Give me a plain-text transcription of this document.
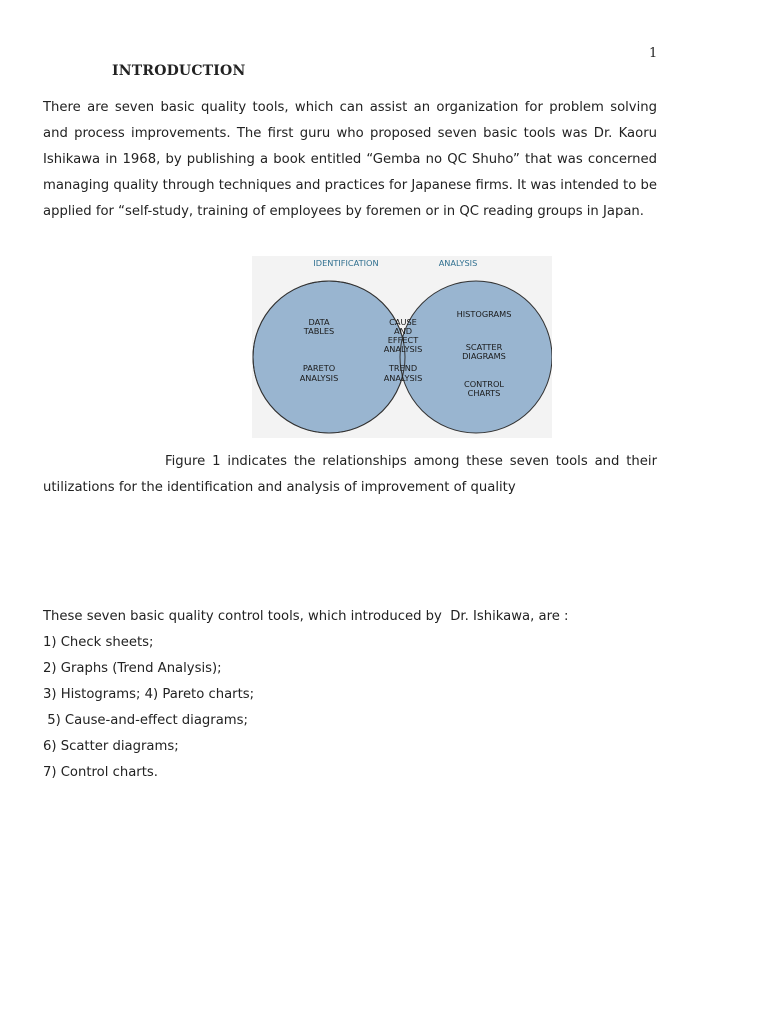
1
INTRODUCTION

There are seven basic quality tools, which can assist an organization for problem solving and process improvements. The first guru who proposed seven basic tools was Dr. Kaoru Ishikawa in 1968, by publishing a book entitled “Gemba no QC Shuho” that was concerned managing quality through techniques and practices for Japanese firms. It was intended to be applied for “self-study, training of employees by foremen or in QC reading groups in Japan.

IDENTIFICATION	ANALYSIS
DATA
TABLES
PARETO
ANALYSIS
CAUSE
AND
EFFECT
ANALYSIS
TREND
ANALYSIS
HISTOGRAMS
SCATTER
DIAGRAMS
CONTROL
CHARTS

Figure 1 indicates the relationships among these seven tools and their utilizations for the identification and analysis of improvement of quality

These seven basic quality control tools, which introduced by  Dr. Ishikawa, are :
1) Check sheets;
2) Graphs (Trend Analysis);
3) Histograms; 4) Pareto charts;
5) Cause-and-effect diagrams;
6) Scatter diagrams;
7) Control charts.
